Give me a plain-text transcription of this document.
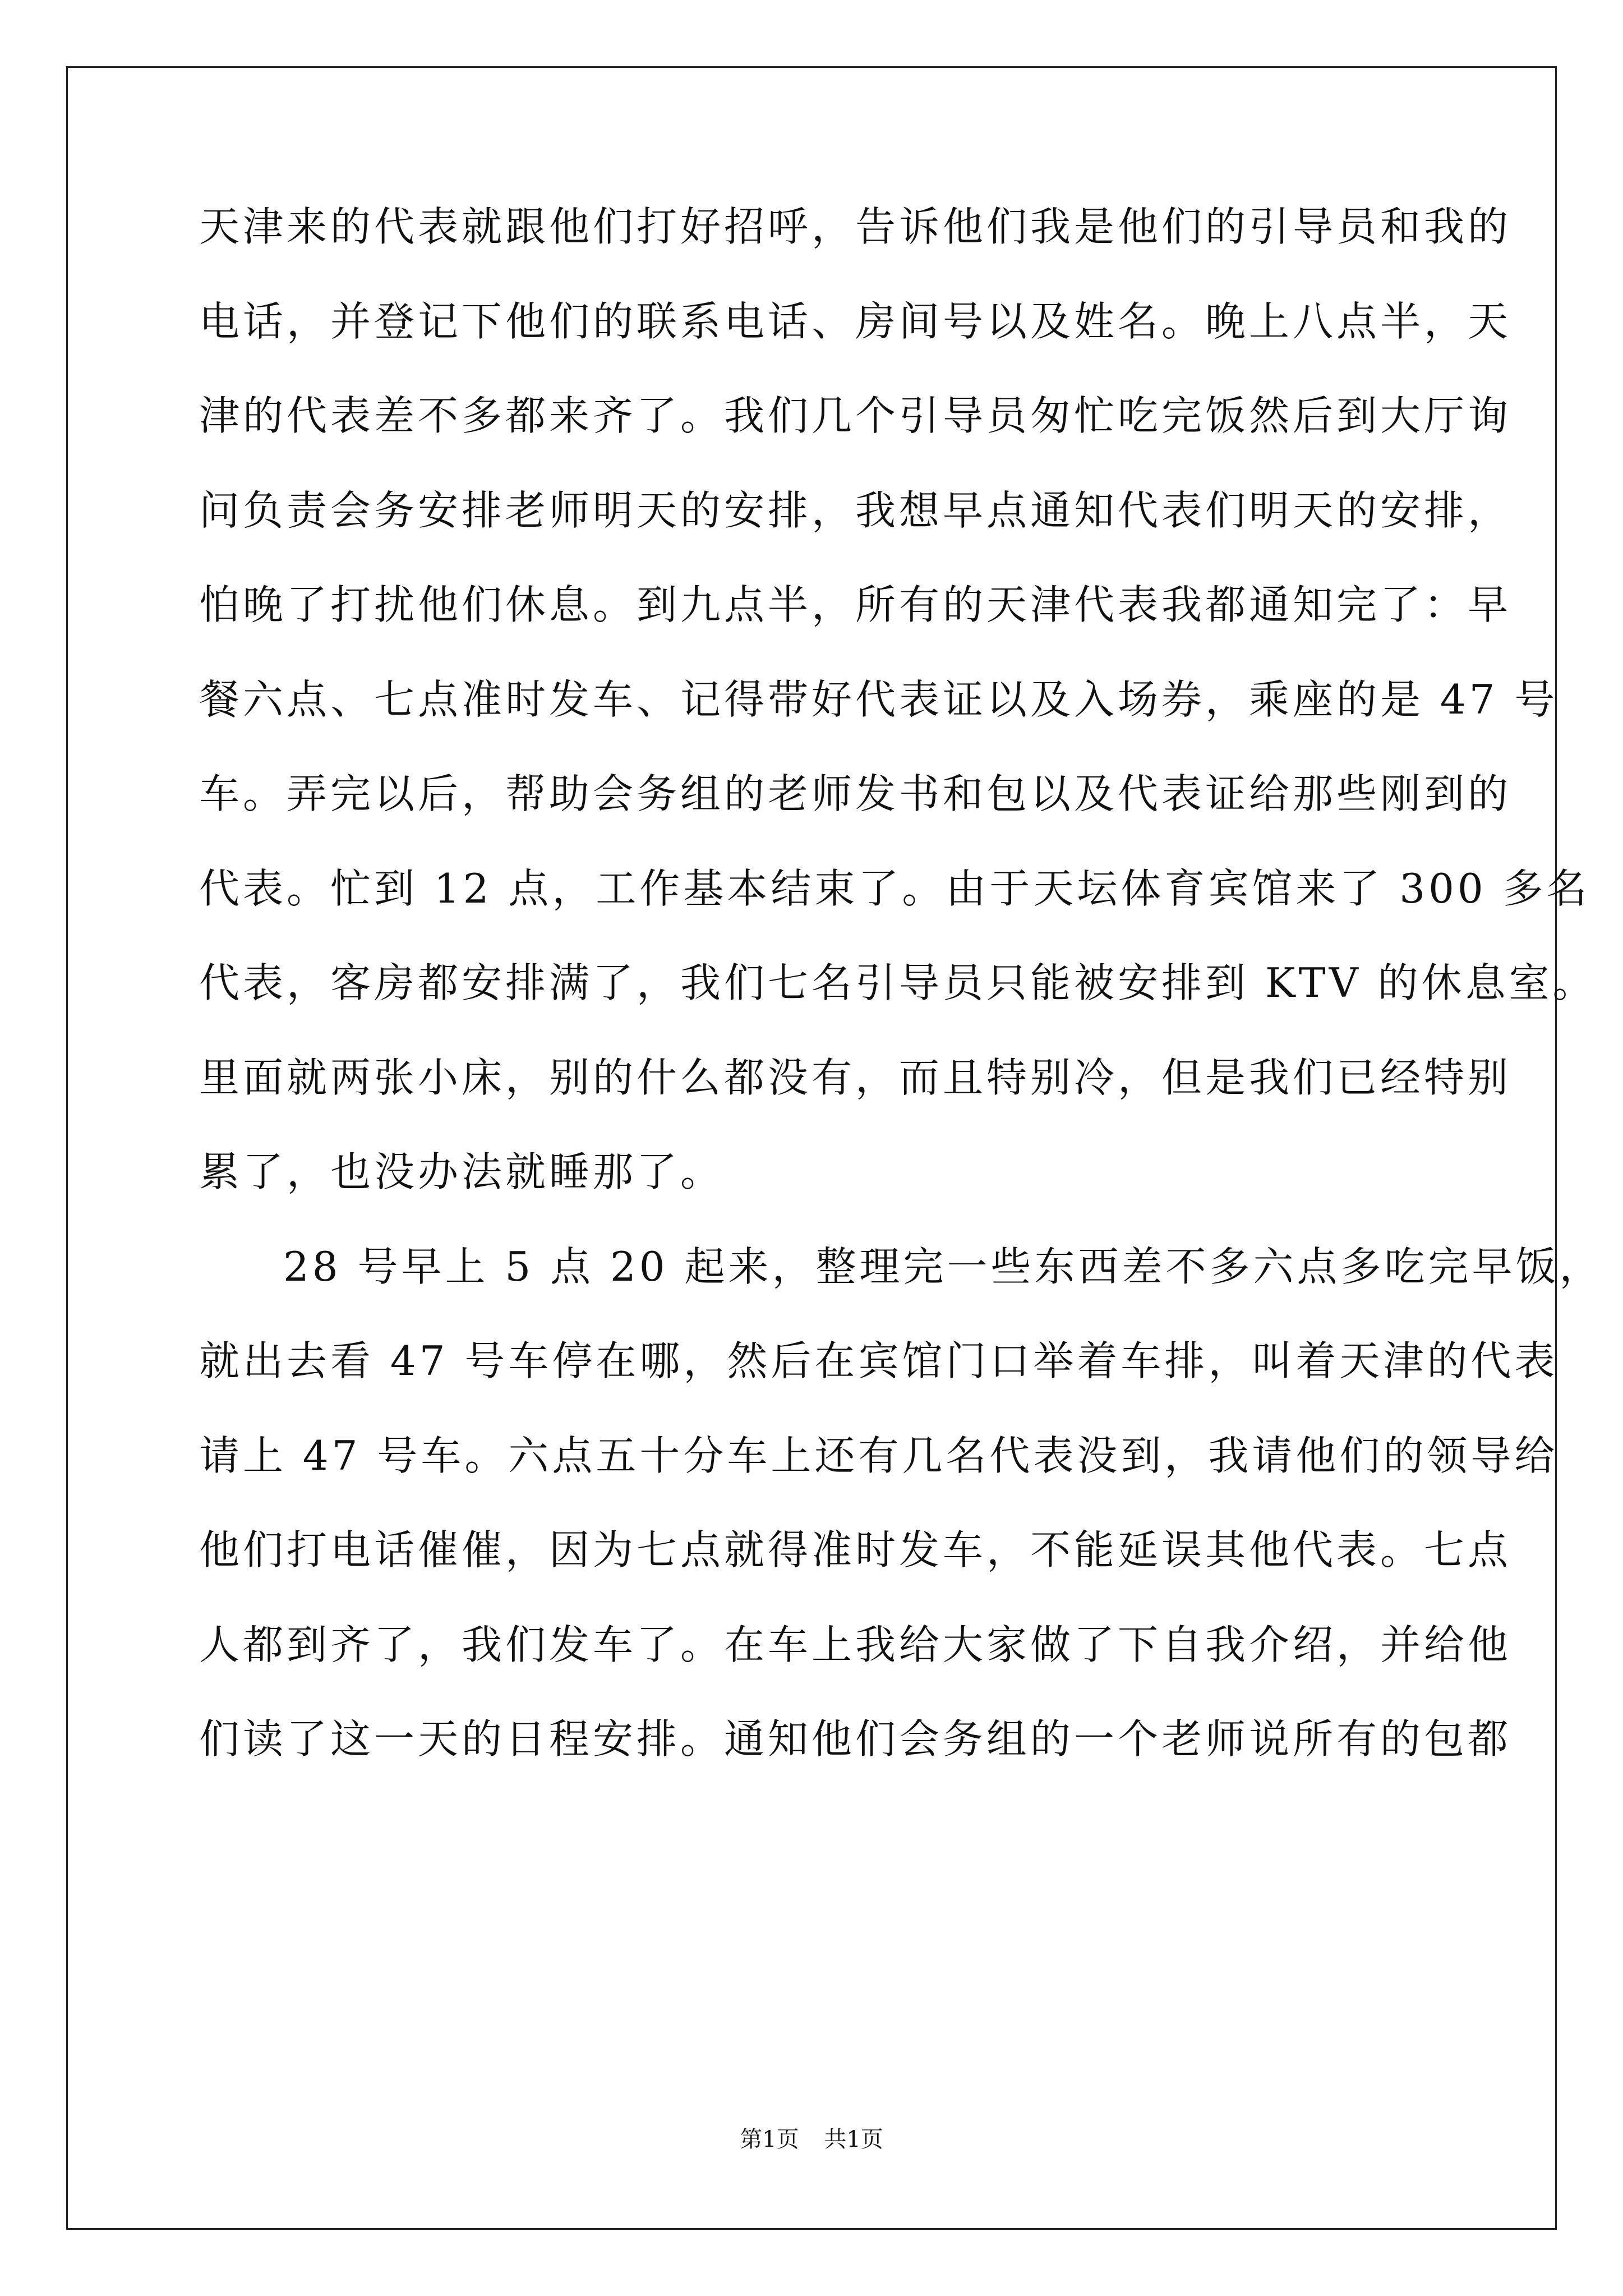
天津来的代表就跟他们打好招呼，告诉他们我是他们的引导员和我的
电话，并登记下他们的联系电话、房间号以及姓名。晚上八点半，天
津的代表差不多都来齐了。我们几个引导员匆忙吃完饭然后到大厅询
问负责会务安排老师明天的安排，我想早点通知代表们明天的安排，
怕晚了打扰他们休息。到九点半，所有的天津代表我都通知完了：早
餐六点、七点准时发车、记得带好代表证以及入场券，乘座的是 47 号
车。弄完以后，帮助会务组的老师发书和包以及代表证给那些刚到的
代表。忙到 12 点，工作基本结束了。由于天坛体育宾馆来了 300 多名
代表，客房都安排满了，我们七名引导员只能被安排到 KTV 的休息室。
里面就两张小床，别的什么都没有，而且特别冷，但是我们已经特别
累了，也没办法就睡那了。
28 号早上 5 点 20 起来，整理完一些东西差不多六点多吃完早饭，
就出去看 47 号车停在哪，然后在宾馆门口举着车排，叫着天津的代表
请上 47 号车。六点五十分车上还有几名代表没到，我请他们的领导给
他们打电话催催，因为七点就得准时发车，不能延误其他代表。七点
人都到齐了，我们发车了。在车上我给大家做了下自我介绍，并给他
们读了这一天的日程安排。通知他们会务组的一个老师说所有的包都
第1页 共1页
